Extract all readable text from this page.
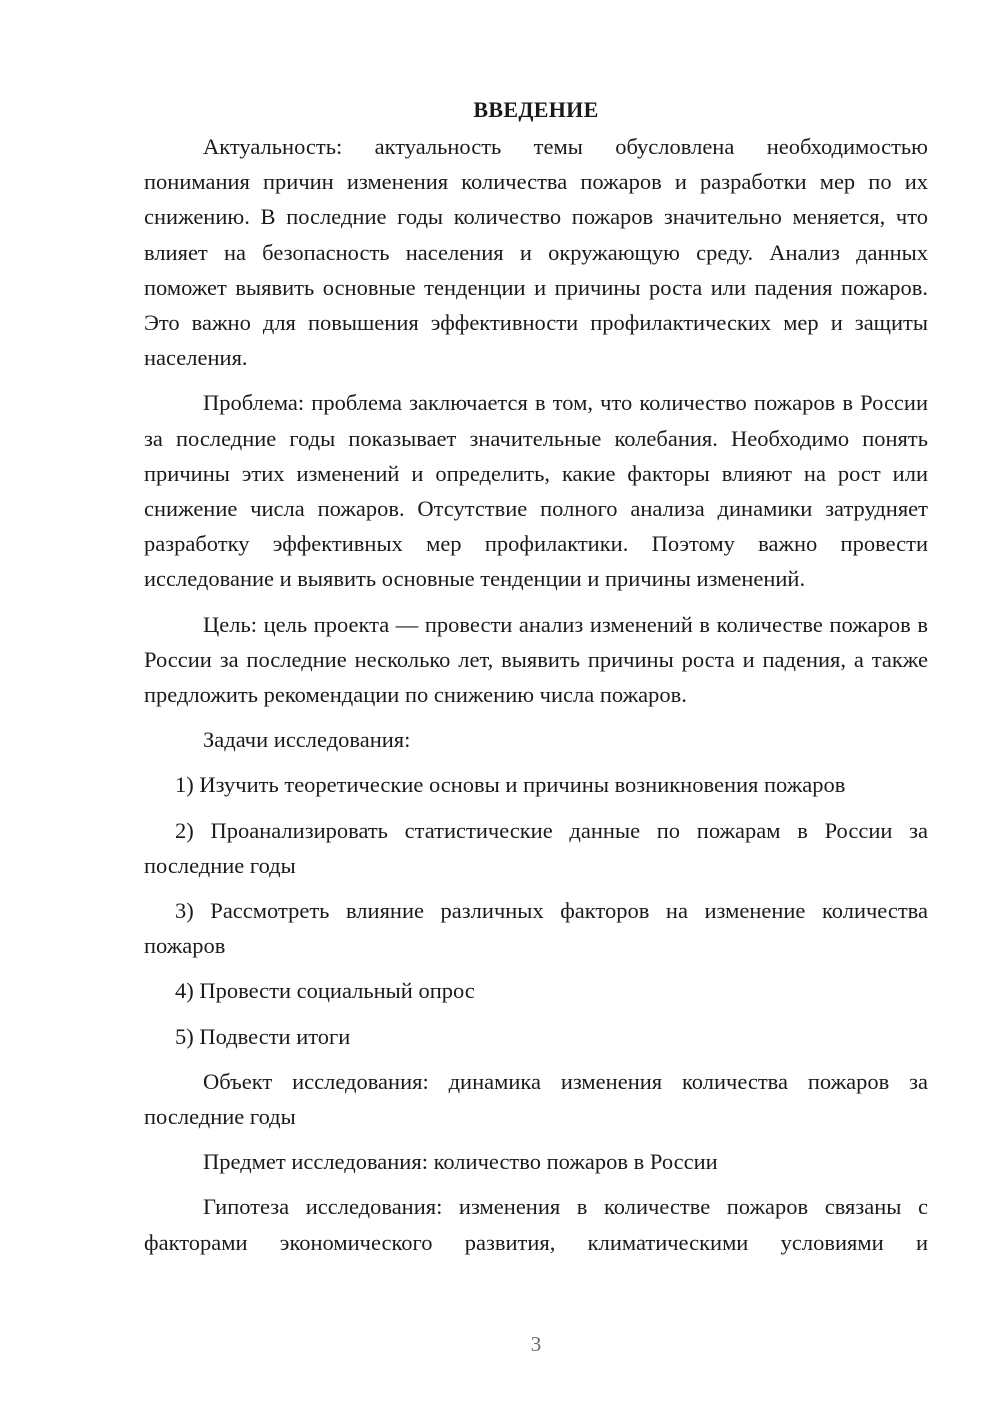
ВВЕДЕНИЕ

Актуальность: актуальность темы обусловлена необходимостью понимания причин изменения количества пожаров и разработки мер по их снижению. В последние годы количество пожаров значительно меняется, что влияет на безопасность населения и окружающую среду. Анализ данных поможет выявить основные тенденции и причины роста или падения пожаров. Это важно для повышения эффективности профилактических мер и защиты населения.

Проблема: проблема заключается в том, что количество пожаров в России за последние годы показывает значительные колебания. Необходимо понять причины этих изменений и определить, какие факторы влияют на рост или снижение числа пожаров. Отсутствие полного анализа динамики затрудняет разработку эффективных мер профилактики. Поэтому важно провести исследование и выявить основные тенденции и причины изменений.

Цель: цель проекта — провести анализ изменений в количестве пожаров в России за последние несколько лет, выявить причины роста и падения, а также предложить рекомендации по снижению числа пожаров.

Задачи исследования:

1) Изучить теоретические основы и причины возникновения пожаров

2) Проанализировать статистические данные по пожарам в России за последние годы

3) Рассмотреть влияние различных факторов на изменение количества пожаров

4) Провести социальный опрос

5) Подвести итоги

Объект исследования: динамика изменения количества пожаров за последние годы

Предмет исследования: количество пожаров в России

Гипотеза исследования: изменения в количестве пожаров связаны с факторами экономического развития, климатическими условиями и

3
